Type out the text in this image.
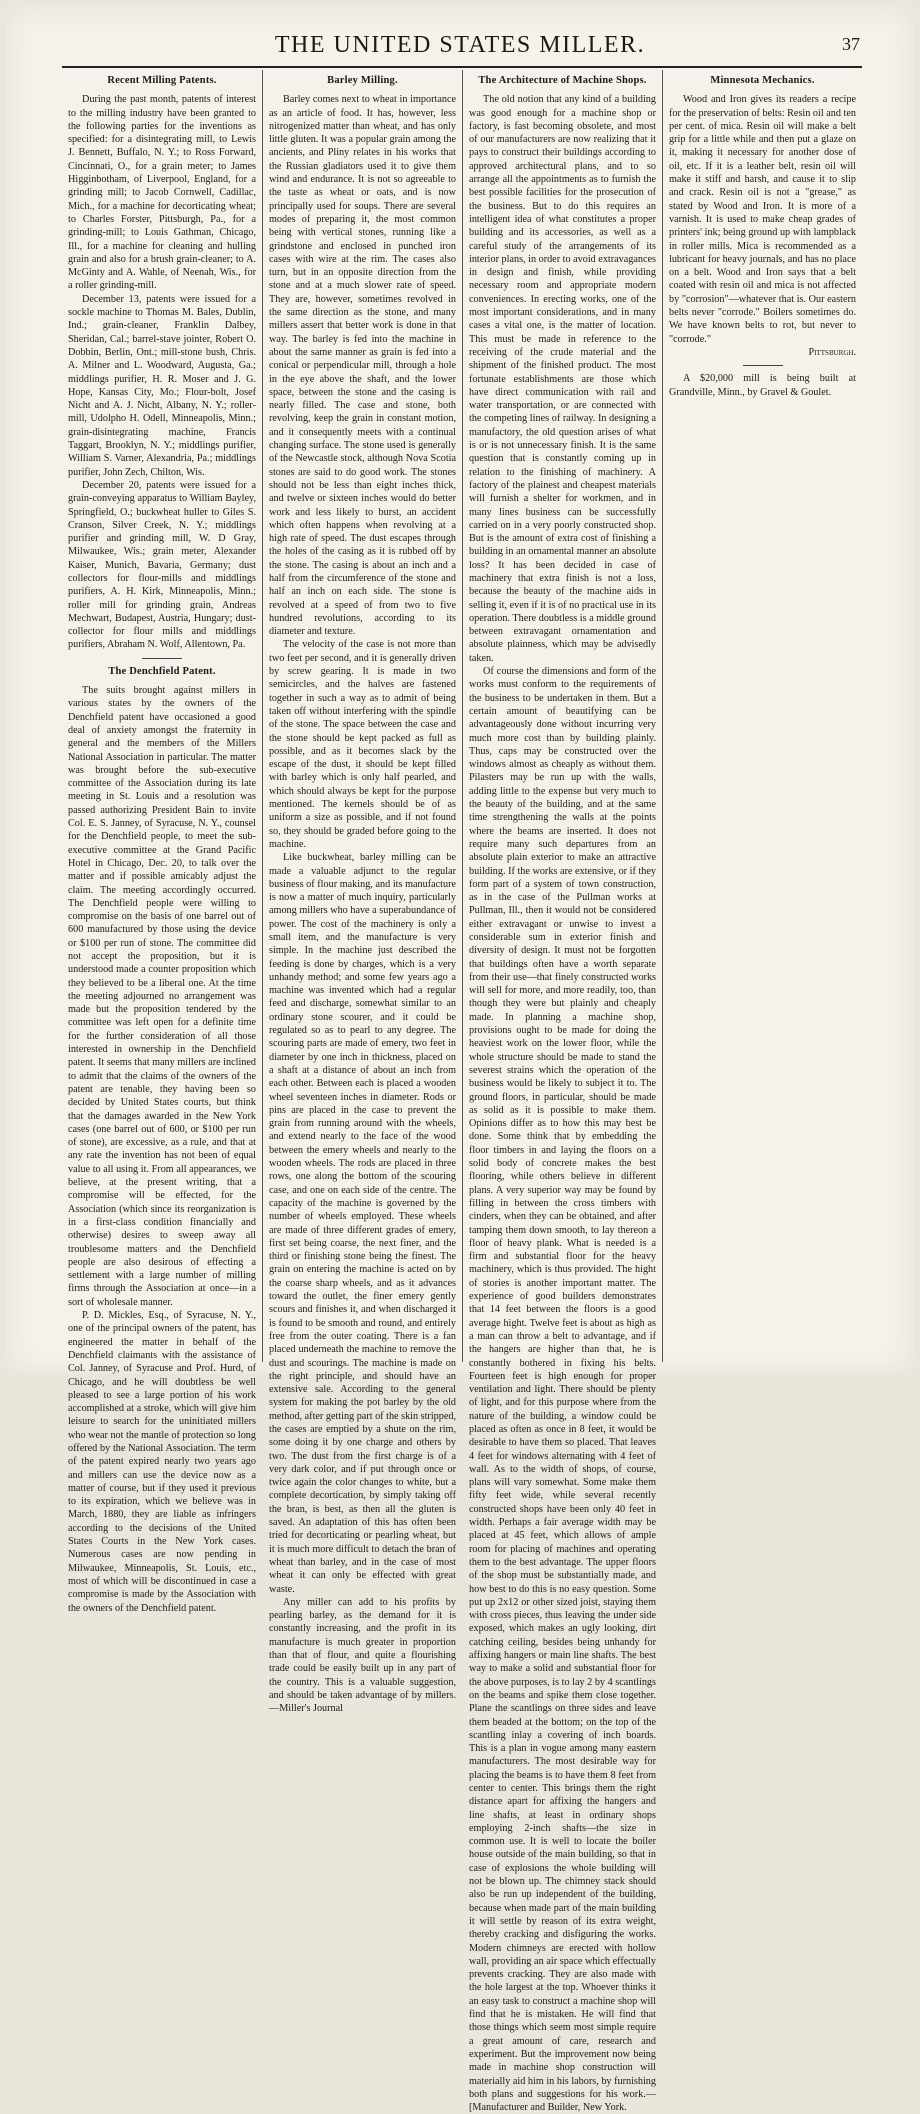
THE UNITED STATES MILLER.	37
Recent Milling Patents.

During the past month, patents of interest to the milling industry have been granted to the following parties for the inventions as specified: for a disintegrating mill, to Lewis J. Bennett, Buffalo, N. Y.; to Ross Forward, Cincinnati, O., for a grain meter; to James Higginbotham, of Liverpool, England, for a grinding mill; to Jacob Cornwell, Cadillac, Mich., for a machine for decorticating wheat; to Charles Forster, Pittsburgh, Pa., for a grinding-mill; to Louis Gathman, Chicago, Ill., for a machine for cleaning and hulling grain and also for a brush grain-cleaner; to A. McGinty and A. Wahle, of Neenah, Wis., for a roller grinding-mill.

December 13, patents were issued for a sockle machine to Thomas M. Bales, Dublin, Ind.; grain-cleaner, Franklin Dalbey, Sheridan, Cal.; barrel-stave jointer, Robert O. Dobbin, Berlin, Ont.; mill-stone bush, Chris. A. Milner and L. Woodward, Augusta, Ga.; middlings purifier, H. R. Moser and J. G. Hope, Kansas City, Mo.; Flour-bolt, Josef Nicht and A. J. Nicht, Albany, N. Y.; roller-mill, Udolpho H. Odell, Minneapolis, Minn.; grain-disintegrating machine, Francis Taggart, Brooklyn, N. Y.; middlings purifier, William S. Varner, Alexandria, Pa.; middlings purifier, John Zech, Chilton, Wis.

December 20, patents were issued for a grain-conveying apparatus to William Bayley, Springfield, O.; buckwheat huller to Giles S. Cranson, Silver Creek, N. Y.; middlings purifier and grinding mill, W. D Gray, Milwaukee, Wis.; grain meter, Alexander Kaiser, Munich, Bavaria, Germany; dust collectors for flour-mills and middlings purifiers, A. H. Kirk, Minneapolis, Minn.; roller mill for grinding grain, Andreas Mechwart, Budapest, Austria, Hungary; dust-collector for flour mills and middlings purifiers, Abraham N. Wolf, Allentown, Pa.

The Denchfield Patent.

The suits brought against millers in various states by the owners of the Denchfield patent have occasioned a good deal of anxiety amongst the fraternity in general and the members of the Millers National Association in particular. The matter was brought before the sub-executive committee of the Association during its late meeting in St. Louis and a resolution was passed authorizing President Bain to invite Col. E. S. Janney, of Syracuse, N. Y., counsel for the Denchfield people, to meet the sub-executive committee at the Grand Pacific Hotel in Chicago, Dec. 20, to talk over the matter and if possible amicably adjust the claim. The meeting accordingly occurred. The Denchfield people were willing to compromise on the basis of one barrel out of 600 manufactured by those using the device or $100 per run of stone. The committee did not accept the proposition, but it is understood made a counter proposition which they believed to be a liberal one. At the time the meeting adjourned no arrangement was made but the proposition tendered by the committee was left open for a definite time for the further consideration of all those interested in ownership in the Denchfield patent. It seems that many millers are inclined to admit that the claims of the owners of the patent are tenable, they having been so decided by United States courts, but think that the damages awarded in the New York cases (one barrel out of 600, or $100 per run of stone), are excessive, as a rule, and that at any rate the invention has not been of equal value to all using it. From all appearances, we believe, at the present writing, that a compromise will be effected, for the Association (which since its reorganization is in a first-class condition financially and otherwise) desires to sweep away all troublesome matters and the Denchfield people are also desirous of effecting a settlement with a large number of milling firms through the Association at once—in a sort of wholesale manner.

P. D. Mickles, Esq., of Syracuse, N. Y., one of the principal owners of the patent, has engineered the matter in behalf of the Denchfield claimants with the assistance of Col. Janney, of Syracuse and Prof. Hurd, of Chicago, and he will doubtless be well pleased to see a large portion of his work accomplished at a stroke, which will give him leisure to search for the uninitiated millers who wear not the mantle of protection so long offered by the National Association. The term of the patent expired nearly two years ago and millers can use the device now as a matter of course, but if they used it previous to its expiration, which we believe was in March, 1880, they are liable as infringers according to the decisions of the United States Courts in the New York cases. Numerous cases are now pending in Milwaukee, Minneapolis, St. Louis, etc., most of which will be discontinued in case a compromise is made by the Association with the owners of the Denchfield patent.

Barley Milling.

Barley comes next to wheat in importance as an article of food. It has, however, less nitrogenized matter than wheat, and has only little gluten. It was a popular grain among the ancients, and Pliny relates in his works that the Russian gladiators used it to give them wind and endurance. It is not so agreeable to the taste as wheat or oats, and is now principally used for soups. There are several modes of preparing it, the most common being with vertical stones, running like a grindstone and enclosed in punched iron cases with wire at the rim. The cases also turn, but in an opposite direction from the stone and at a much slower rate of speed. They are, however, sometimes revolved in the same direction as the stone, and many millers assert that better work is done in that way. The barley is fed into the machine in about the same manner as grain is fed into a conical or perpendicular mill, through a hole in the eye above the shaft, and the lower space, between the stone and the casing is nearly filled. The case and stone, both revolving, keep the grain in constant motion, and it consequently meets with a continual changing surface. The stone used is generally of the Newcastle stock, although Nova Scotia stones are said to do good work. The stones should not be less than eight inches thick, and twelve or sixteen inches would do better work and less likely to burst, an accident which often happens when revolving at a high rate of speed. The dust escapes through the holes of the casing as it is rubbed off by the stone. The casing is about an inch and a half from the circumference of the stone and half an inch on each side. The stone is revolved at a speed of from two to five hundred revolutions, according to its diameter and texture.

The velocity of the case is not more than two feet per second, and it is generally driven by screw gearing. It is made in two semicircles, and the halves are fastened together in such a way as to admit of being taken off without interfering with the spindle of the stone. The space between the case and the stone should be kept packed as full as possible, and as it becomes slack by the escape of the dust, it should be kept filled with barley which is only half pearled, and which should always be kept for the purpose mentioned. The kernels should be of as uniform a size as possible, and if not found so, they should be graded before going to the machine.

Like buckwheat, barley milling can be made a valuable adjunct to the regular business of flour making, and its manufacture is now a matter of much inquiry, particularly among millers who have a superabundance of power. The cost of the machinery is only a small item, and the manufacture is very simple. In the machine just described the feeding is done by charges, which is a very unhandy method; and some few years ago a machine was invented which had a regular feed and discharge, somewhat similar to an ordinary stone scourer, and it could be regulated so as to pearl to any degree. The scouring parts are made of emery, two feet in diameter by one inch in thickness, placed on a shaft at a distance of about an inch from each other. Between each is placed a wooden wheel seventeen inches in diameter. Rods or pins are placed in the case to prevent the grain from running around with the wheels, and extend nearly to the face of the wood between the emery wheels and nearly to the wooden wheels. The rods are placed in three rows, one along the bottom of the scouring case, and one on each side of the centre. The capacity of the machine is governed by the number of wheels employed. These wheels are made of three different grades of emery, first set being coarse, the next finer, and the third or finishing stone being the finest. The grain on entering the machine is acted on by the coarse sharp wheels, and as it advances toward the outlet, the finer emery gently scours and finishes it, and when discharged it is found to be smooth and round, and entirely free from the outer coating. There is a fan placed underneath the machine to remove the dust and scourings. The machine is made on the right principle, and should have an extensive sale. According to the general system for making the pot barley by the old method, after getting part of the skin stripped, the cases are emptied by a shute on the rim, some doing it by one charge and others by two. The dust from the first charge is of a very dark color, and if put through once or twice again the color changes to white, but a complete decortication, by simply taking off the bran, is best, as then all the gluten is saved. An adaptation of this has often been tried for decorticating or pearling wheat, but it is much more difficult to detach the bran of wheat than barley, and in the case of most wheat it can only be effected with great waste.

Any miller can add to his profits by pearling barley, as the demand for it is constantly increasing, and the profit in its manufacture is much greater in proportion than that of flour, and quite a flourishing trade could be easily built up in any part of the country. This is a valuable suggestion, and should be taken advantage of by millers.—Miller's Journal

The Architecture of Machine Shops.

The old notion that any kind of a building was good enough for a machine shop or factory, is fast becoming obsolete, and most of our manufacturers are now realizing that it pays to construct their buildings according to approved architectural plans, and to so arrange all the appointments as to furnish the best possible facilities for the prosecution of the business. But to do this requires an intelligent idea of what constitutes a proper building and its accessories, as well as a careful study of the arrangements of its interior plans, in order to avoid extravagances in design and finish, while providing necessary room and appropriate modern conveniences. In erecting works, one of the most important considerations, and in many cases a vital one, is the matter of location. This must be made in reference to the receiving of the crude material and the shipment of the finished product. The most fortunate establishments are those which have direct communication with rail and water transportation, or are connected with the competing lines of railway. In designing a manufactory, the old question arises of what is or is not unnecessary finish. It is the same question that is constantly coming up in relation to the finishing of machinery. A factory of the plainest and cheapest materials will furnish a shelter for workmen, and in many lines business can be successfully carried on in a very poorly constructed shop. But is the amount of extra cost of finishing a building in an ornamental manner an absolute loss? It has been decided in case of machinery that extra finish is not a loss, because the beauty of the machine aids in selling it, even if it is of no practical use in its operation. There doubtless is a middle ground between extravagant ornamentation and absolute plainness, which may be advisedly taken.

Of course the dimensions and form of the works must conform to the requirements of the business to be undertaken in them. But a certain amount of beautifying can be advantageously done without incurring very much more cost than by building plainly. Thus, caps may be constructed over the windows almost as cheaply as without them. Pilasters may be run up with the walls, adding little to the expense but very much to the beauty of the building, and at the same time strengthening the walls at the points where the beams are inserted. It does not require many such departures from an absolute plain exterior to make an attractive building. If the works are extensive, or if they form part of a system of town construction, as in the case of the Pullman works at Pullman, Ill., then it would not be considered either extravagant or unwise to invest a considerable sum in exterior finish and diversity of design. It must not be forgotten that buildings often have a worth separate from their use—that finely constructed works will sell for more, and more readily, too, than though they were but plainly and cheaply made. In planning a machine shop, provisions ought to be made for doing the heaviest work on the lower floor, while the whole structure should be made to stand the severest strains which the operation of the business would be likely to subject it to. The ground floors, in particular, should be made as solid as it is possible to make them. Opinions differ as to how this may best be done. Some think that by embedding the floor timbers in and laying the floors on a solid body of concrete makes the best flooring, while others believe in different plans. A very superior way may be found by filling in between the cross timbers with cinders, when they can be obtained, and after tamping them down smooth, to lay thereon a floor of heavy plank. What is needed is a firm and substantial floor for the heavy machinery, which is thus provided. The hight of stories is another important matter. The experience of good builders demonstrates that 14 feet between the floors is a good average hight. Twelve feet is about as high as a man can throw a belt to advantage, and if the hangers are higher than that, he is constantly bothered in fixing his belts. Fourteen feet is high enough for proper ventilation and light. There should be plenty of light, and for this purpose where from the nature of the building, a window could be placed as often as once in 8 feet, it would be desirable to have them so placed. That leaves 4 feet for windows alternating with 4 feet of wall. As to the width of shops, of course, plans will vary somewhat. Some make them fifty feet wide, while several recently constructed shops have been only 40 feet in width. Perhaps a fair average width may be placed at 45 feet, which allows of ample room for placing of machines and operating them to the best advantage. The upper floors of the shop must be substantially made, and how best to do this is no easy question. Some put up 2x12 or other sized joist, staying them with cross pieces, thus leaving the under side exposed, which makes an ugly looking, dirt catching ceiling, besides being unhandy for affixing hangers or main line shafts. The best way to make a solid and substantial floor for the above purposes, is to lay 2 by 4 scantlings on the beams and spike them close together. Plane the scantlings on three sides and leave them beaded at the bottom; on the top of the scantling inlay a covering of inch boards. This is a plan in vogue among many eastern manufacturers. The most desirable way for placing the beams is to have them 8 feet from center to center. This brings them the right distance apart for affixing the hangers and line shafts, at least in ordinary shops employing 2-inch shafts—the size in common use. It is well to locate the boiler house outside of the main building, so that in case of explosions the whole building will not be blown up. The chimney stack should also be run up independent of the building, because when made part of the main building it will settle by reason of its extra weight, thereby cracking and disfiguring the works. Modern chimneys are erected with hollow wall, providing an air space which effectually prevents cracking. They are also made with the hole largest at the top. Whoever thinks it an easy task to construct a machine shop will find that he is mistaken. He will find that those things which seem most simple require a great amount of care, research and experiment. But the improvement now being made in machine shop construction will materially aid him in his labors, by furnishing both plans and suggestions for his work.—[Manufacturer and Builder, New York.

Minnesota Mechanics.

Wood and Iron gives its readers a recipe for the preservation of belts: Resin oil and ten per cent. of mica. Resin oil will make a belt grip for a little while and then put a glaze on it, making it necessary for another dose of oil, etc. If it is a leather belt, resin oil will make it stiff and harsh, and cause it to slip and crack. Resin oil is not a "grease," as stated by Wood and Iron. It is more of a varnish. It is used to make cheap grades of printers' ink; being ground up with lampblack in roller mills. Mica is recommended as a lubricant for heavy journals, and has no place on a belt. Wood and Iron says that a belt coated with resin oil and mica is not affected by "corrosion"—whatever that is. Our eastern belts never "corrode." Boilers sometimes do. We have known belts to rot, but never to "corrode."

Pittsburgh.

A $20,000 mill is being built at Grandville, Minn., by Gravel & Goulet.
